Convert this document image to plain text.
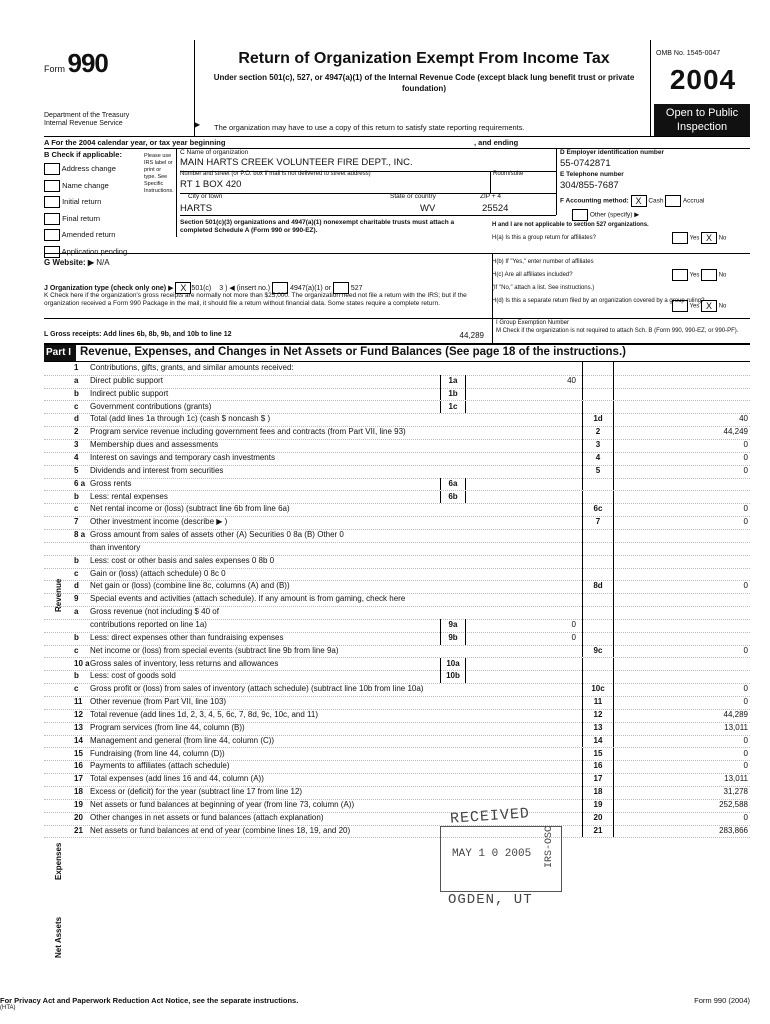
Form 990
Department of the Treasury
Internal Revenue Service	▶
Return of Organization Exempt From Income Tax
Under section 501(c), 527, or 4947(a)(1) of the Internal Revenue Code (except black lung benefit trust or private foundation)
The organization may have to use a copy of this return to satisfy state reporting requirements.
OMB No. 1545-0047
2004
Open to Public
Inspection
A For the 2004 calendar year, or tax year beginning	, and ending
B Check if applicable:
Address change
Name change
Initial return
Final return
Amended return
Application pending
Please use IRS label or print or type. See Specific Instructions.
C Name of organization
MAIN HARTS CREEK VOLUNTEER FIRE DEPT., INC.
Number and street (or P.O. box if mail is not delivered to street address)
RT 1 BOX 420
Room/suite
City or town
HARTS
State or country
WV
ZIP + 4
25524
D Employer identification number
55-0742871
E Telephone number
304/855-7687
F Accounting method: X Cash	Accrual
Other (specify) ▶
Section 501(c)(3) organizations and 4947(a)(1) nonexempt charitable trusts must attach a completed Schedule A (Form 990 or 990-EZ).
H and I are not applicable to section 527 organizations.
H(a) Is this a group return for affiliates?	Yes X No
G Website: ▶ N/A
J Organization type (check only one) ▶ X 501(c) 3 ) ◀ (insert no.)	4947(a)(1) or	527
K Check here if the organization's gross receipts are normally not more than $25,000. The organization need not file a return with the IRS; but if the organization received a Form 990 Package in the mail, it should file a return without financial data. Some states require a complete return.
H(b) If "Yes," enter number of affiliates
H(c) Are all affiliates included?	Yes	No
(If "No," attach a list. See instructions.)
H(d) Is this a separate return filed by an organization covered by a group ruling?
Yes X No
L Gross receipts: Add lines 6b, 8b, 9b, and 10b to line 12	44,289
I Group Exemption Number
M Check if the organization is not required to attach Sch. B (Form 990, 990-EZ, or 990-PF).
Part I Revenue, Expenses, and Changes in Net Assets or Fund Balances (See page 18 of the instructions.)
1	Contributions, gifts, grants, and similar amounts received:
a	Direct public support	1a	40
b	Indirect public support	1b
c	Government contributions (grants)	1c
d	Total (add lines 1a through 1c) (cash $ noncash $ )	1d	40
2	Program service revenue including government fees and contracts (from Part VII, line 93)	2	44,249
3	Membership dues and assessments	3	0
4	Interest on savings and temporary cash investments	4	0
5	Dividends and interest from securities	5	0
6 a Gross rents	6a
b	Less: rental expenses	6b
c	Net rental income or (loss) (subtract line 6b from line 6a)	6c	0
7	Other investment income (describe ▶ )	7	0
8 a Gross amount from sales of assets other (A) Securities 0 8a (B) Other 0
than inventory
b	Less: cost or other basis and sales expenses 0 8b 0
c	Gain or (loss) (attach schedule) 0 8c 0
d	Net gain or (loss) (combine line 8c, columns (A) and (B))	8d	0
9	Special events and activities (attach schedule). If any amount is from gaming, check here
a	Gross revenue (not including $ 40 of
contributions reported on line 1a)	9a	0
b	Less: direct expenses other than fundraising expenses	9b	0
c	Net income or (loss) from special events (subtract line 9b from line 9a)	9c	0
10 a Gross sales of inventory, less returns and allowances	10a
b	Less: cost of goods sold	10b
c	Gross profit or (loss) from sales of inventory (attach schedule) (subtract line 10b from line 10a)	10c	0
11 Other revenue (from Part VII, line 103)	11	0
12 Total revenue (add lines 1d, 2, 3, 4, 5, 6c, 7, 8d, 9c, 10c, and 11)	12	44,289
13 Program services (from line 44, column (B))	13	13,011
14 Management and general (from line 44, column (C))	14	0
15 Fundraising (from line 44, column (D))	15	0
16 Payments to affiliates (attach schedule)	16	0
17 Total expenses (add lines 16 and 44, column (A))	17	13,011
18 Excess or (deficit) for the year (subtract line 17 from line 12)	18	31,278
19 Net assets or fund balances at beginning of year (from line 73, column (A))	19	252,588
20 Other changes in net assets or fund balances (attach explanation)	20	0
21 Net assets or fund balances at end of year (combine lines 18, 19, and 20)	21	283,866
Revenue
Expenses
Net Assets
RECEIVED
MAY 1 0 2005
OGDEN, UT
IRS-OSC
For Privacy Act and Paperwork Reduction Act Notice, see the separate instructions.
(HTA)
Form 990 (2004)
